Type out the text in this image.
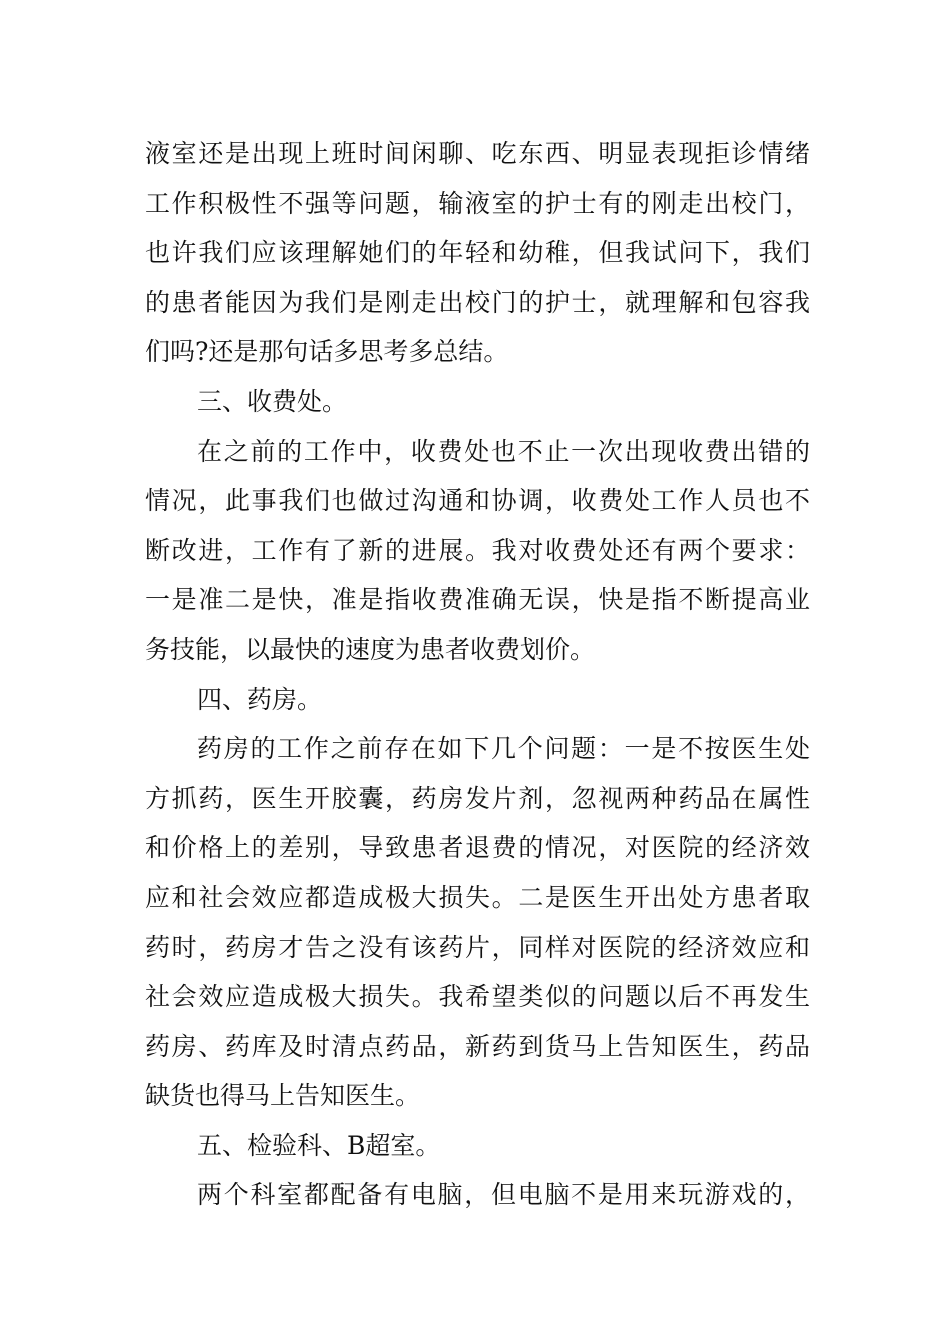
液室还是出现上班时间闲聊、吃东西、明显表现拒诊情绪
工作积极性不强等问题，输液室的护士有的刚走出校门，
也许我们应该理解她们的年轻和幼稚，但我试问下，我们
的患者能因为我们是刚走出校门的护士，就理解和包容我
们吗?还是那句话多思考多总结。
三、收费处。
在之前的工作中，收费处也不止一次出现收费出错的
情况，此事我们也做过沟通和协调，收费处工作人员也不
断改进，工作有了新的进展。我对收费处还有两个要求：
一是准二是快，准是指收费准确无误，快是指不断提高业
务技能，以最快的速度为患者收费划价。
四、药房。
药房的工作之前存在如下几个问题：一是不按医生处
方抓药，医生开胶囊，药房发片剂，忽视两种药品在属性
和价格上的差别，导致患者退费的情况，对医院的经济效
应和社会效应都造成极大损失。二是医生开出处方患者取
药时，药房才告之没有该药片，同样对医院的经济效应和
社会效应造成极大损失。我希望类似的问题以后不再发生
药房、药库及时清点药品，新药到货马上告知医生，药品
缺货也得马上告知医生。
五、检验科、B超室。
两个科室都配备有电脑，但电脑不是用来玩游戏的，
